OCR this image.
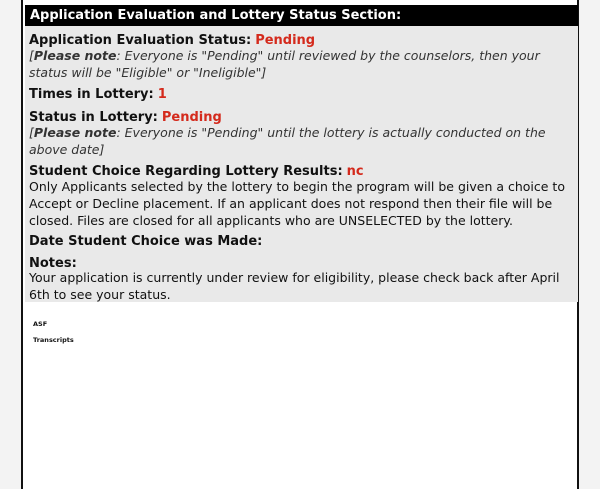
Application Evaluation and Lottery Status Section:
Application Evaluation Status: Pending
[Please note: Everyone is "Pending" until reviewed by the counselors, then your status will be "Eligible" or "Ineligible"]
Times in Lottery: 1
Status in Lottery: Pending
[Please note: Everyone is "Pending" until the lottery is actually conducted on the above date]
Student Choice Regarding Lottery Results: nc
Only Applicants selected by the lottery to begin the program will be given a choice to Accept or Decline placement. If an applicant does not respond then their file will be closed. Files are closed for all applicants who are UNSELECTED by the lottery.
Date Student Choice was Made:
Notes:
Your application is currently under review for eligibility, please check back after April 6th to see your status.
ASF
Transcripts
